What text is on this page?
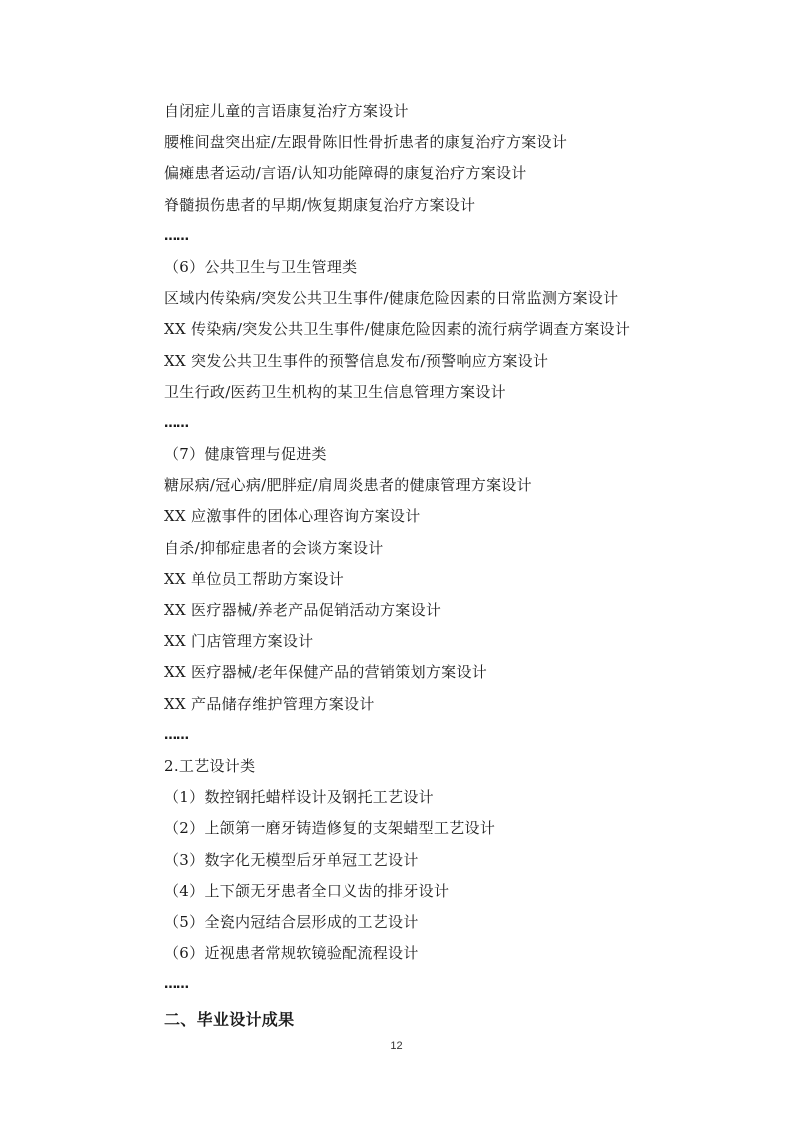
自闭症儿童的言语康复治疗方案设计
腰椎间盘突出症/左跟骨陈旧性骨折患者的康复治疗方案设计
偏瘫患者运动/言语/认知功能障碍的康复治疗方案设计
脊髓损伤患者的早期/恢复期康复治疗方案设计
……
（6）公共卫生与卫生管理类
区域内传染病/突发公共卫生事件/健康危险因素的日常监测方案设计
XX 传染病/突发公共卫生事件/健康危险因素的流行病学调查方案设计
XX 突发公共卫生事件的预警信息发布/预警响应方案设计
卫生行政/医药卫生机构的某卫生信息管理方案设计
……
（7）健康管理与促进类
糖尿病/冠心病/肥胖症/肩周炎患者的健康管理方案设计
XX 应激事件的团体心理咨询方案设计
自杀/抑郁症患者的会谈方案设计
XX 单位员工帮助方案设计
XX 医疗器械/养老产品促销活动方案设计
XX 门店管理方案设计
XX 医疗器械/老年保健产品的营销策划方案设计
XX 产品储存维护管理方案设计
……
2.工艺设计类
（1）数控钢托蜡样设计及钢托工艺设计
（2）上颌第一磨牙铸造修复的支架蜡型工艺设计
（3）数字化无模型后牙单冠工艺设计
（4）上下颌无牙患者全口义齿的排牙设计
（5）全瓷内冠结合层形成的工艺设计
（6）近视患者常规软镜验配流程设计
……
二、毕业设计成果
12
